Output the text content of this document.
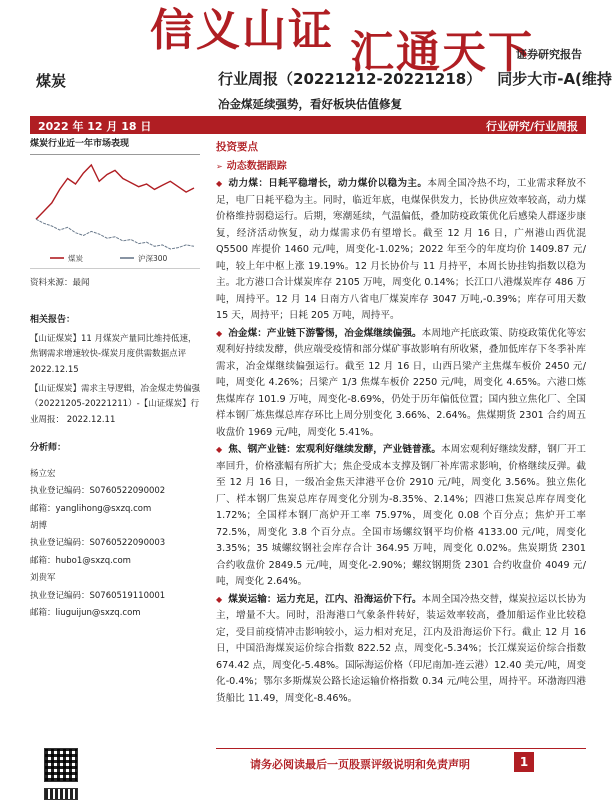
信义山证 汇通天下
证券研究报告
煤炭	行业周报（20221212-20221218） 同步大市-A(维持
冶金煤延续强势，看好板块估值修复
2022 年 12 月 18 日	行业研究/行业周报
煤炭行业近一年市场表现
煤炭	沪深300
资料来源：最闻
相关报告：
【山证煤炭】11 月煤炭产量同比维持低速，焦钢需求增速较快-煤炭月度供需数据点评 2022.12.15
【山证煤炭】需求主导逻辑，冶金煤走势偏强（20221205-20221211）-【山证煤炭】行业周报： 2022.12.11
分析师：
杨立宏
执业登记编码：S0760522090002
邮箱：yanglihong@sxzq.com
胡博
执业登记编码：S0760522090003
邮箱：hubo1@sxzq.com
刘贵军
执业登记编码：S0760519110001
邮箱：liuguijun@sxzq.com
投资要点
➢ 动态数据跟踪
◆ 动力煤：日耗平稳增长，动力煤价以稳为主。本周全国冷热不均，工业需求释放不足，电厂日耗平稳为主。同时，临近年底，电煤保供发力，长协供应效率较高，动力煤价格维持弱稳运行。后期，寒潮延续，气温偏低，叠加防疫政策优化后感染人群逐步康复，经济活动恢复，动力煤需求仍有望增长。截至 12 月 16 日，广州港山西优混 Q5500 库提价 1460 元/吨，周变化-1.02%；2022 年至今的年度均价 1409.87 元/吨，较上年中枢上涨 19.19%。12 月长协价与 11 月持平，本周长协挂钩指数以稳为主。北方港口合计煤炭库存 2105 万吨，周变化 0.14%；长江口八港煤炭库存 486 万吨，周持平。12 月 14 日南方八省电厂煤炭库存 3047 万吨,-0.39%；库存可用天数 15 天，周持平；日耗 205 万吨，周持平。
◆ 冶金煤：产业链下游警惕，冶金煤继续偏强。本周地产托底政策、防疫政策优化等宏观利好持续发酵，供应端受疫情和部分煤矿事故影响有所收紧，叠加低库存下冬季补库需求，冶金煤继续偏强运行。截至 12 月 16 日，山西吕梁产主焦煤车板价 2450 元/吨，周变化 4.26%；吕梁产 1/3 焦煤车板价 2250 元/吨，周变化 4.65%。六港口炼焦煤库存 101.9 万吨，周变化-8.69%，仍处于历年偏低位置；国内独立焦化厂、全国样本钢厂炼焦煤总库存环比上周分别变化 3.66%、2.64%。焦煤期货 2301 合约周五收盘价 1969 元/吨，周变化 5.41%。
◆ 焦、钢产业链：宏观利好继续发酵，产业链普涨。本周宏观利好继续发酵，钢厂开工率回升，价格涨幅有所扩大；焦企受成本支撑及钢厂补库需求影响，价格继续反弹。截至 12 月 16 日，一级冶金焦天津港平仓价 2910 元/吨，周变化 3.56%。独立焦化厂、样本钢厂焦炭总库存周变化分别为-8.35%、2.14%；四港口焦炭总库存周变化 1.72%；全国样本钢厂高炉开工率 75.97%，周变化 0.08 个百分点；焦炉开工率 72.5%，周变化 3.8 个百分点。全国市场螺纹钢平均价格 4133.00 元/吨，周变化 3.35%；35 城螺纹钢社会库存合计 364.95 万吨，周变化 0.02%。焦炭期货 2301 合约收盘价 2849.5 元/吨，周变化-2.90%；螺纹钢期货 2301 合约收盘价 4049 元/吨，周变化 2.64%。
◆ 煤炭运输：运力充足，江内、沿海运价下行。本周全国冷热交替，煤炭拉运以长协为主，增量不大。同时，沿海港口气象条件转好，装运效率较高，叠加船运作业比较稳定，受目前疫情冲击影响较小，运力相对充足，江内及沿海运价下行。截止 12 月 16 日，中国沿海煤炭运价综合指数 822.52 点，周变化-5.34%；长江煤炭运价综合指数 674.42 点，周变化-5.48%。国际海运价格（印尼南加-连云港）12.40 美元/吨，周变化-0.4%；鄂尔多斯煤炭公路长途运输价格指数 0.34 元/吨公里，周持平。环渤海四港货船比 11.49，周变化-8.46%。
请务必阅读最后一页股票评级说明和免责声明	1
